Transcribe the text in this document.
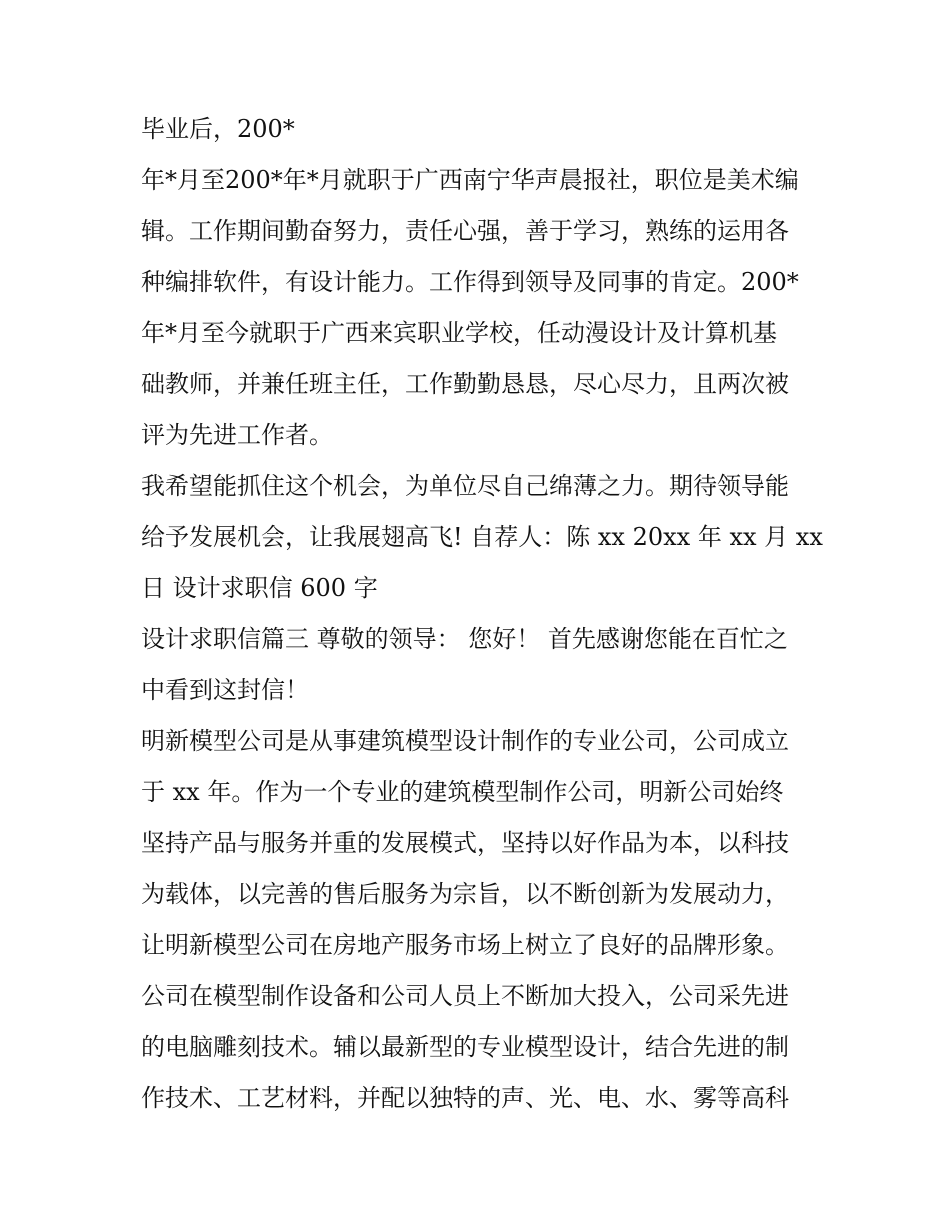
毕业后，200*
年*月至200*年*月就职于广西南宁华声晨报社，职位是美术编
辑。工作期间勤奋努力，责任心强，善于学习，熟练的运用各
种编排软件，有设计能力。工作得到领导及同事的肯定。200*
年*月至今就职于广西来宾职业学校，任动漫设计及计算机基
础教师，并兼任班主任，工作勤勤恳恳，尽心尽力，且两次被
评为先进工作者。
我希望能抓住这个机会，为单位尽自己绵薄之力。期待领导能
给予发展机会，让我展翅高飞! 自荐人：陈 xx 20xx 年 xx 月 xx
日 设计求职信 600 字
设计求职信篇三 尊敬的领导： 您好！ 首先感谢您能在百忙之
中看到这封信！
明新模型公司是从事建筑模型设计制作的专业公司，公司成立
于 xx 年。作为一个专业的建筑模型制作公司，明新公司始终
坚持产品与服务并重的发展模式，坚持以好作品为本，以科技
为载体，以完善的售后服务为宗旨，以不断创新为发展动力，
让明新模型公司在房地产服务市场上树立了良好的品牌形象。
公司在模型制作设备和公司人员上不断加大投入，公司采先进
的电脑雕刻技术。辅以最新型的专业模型设计，结合先进的制
作技术、工艺材料，并配以独特的声、光、电、水、雾等高科
